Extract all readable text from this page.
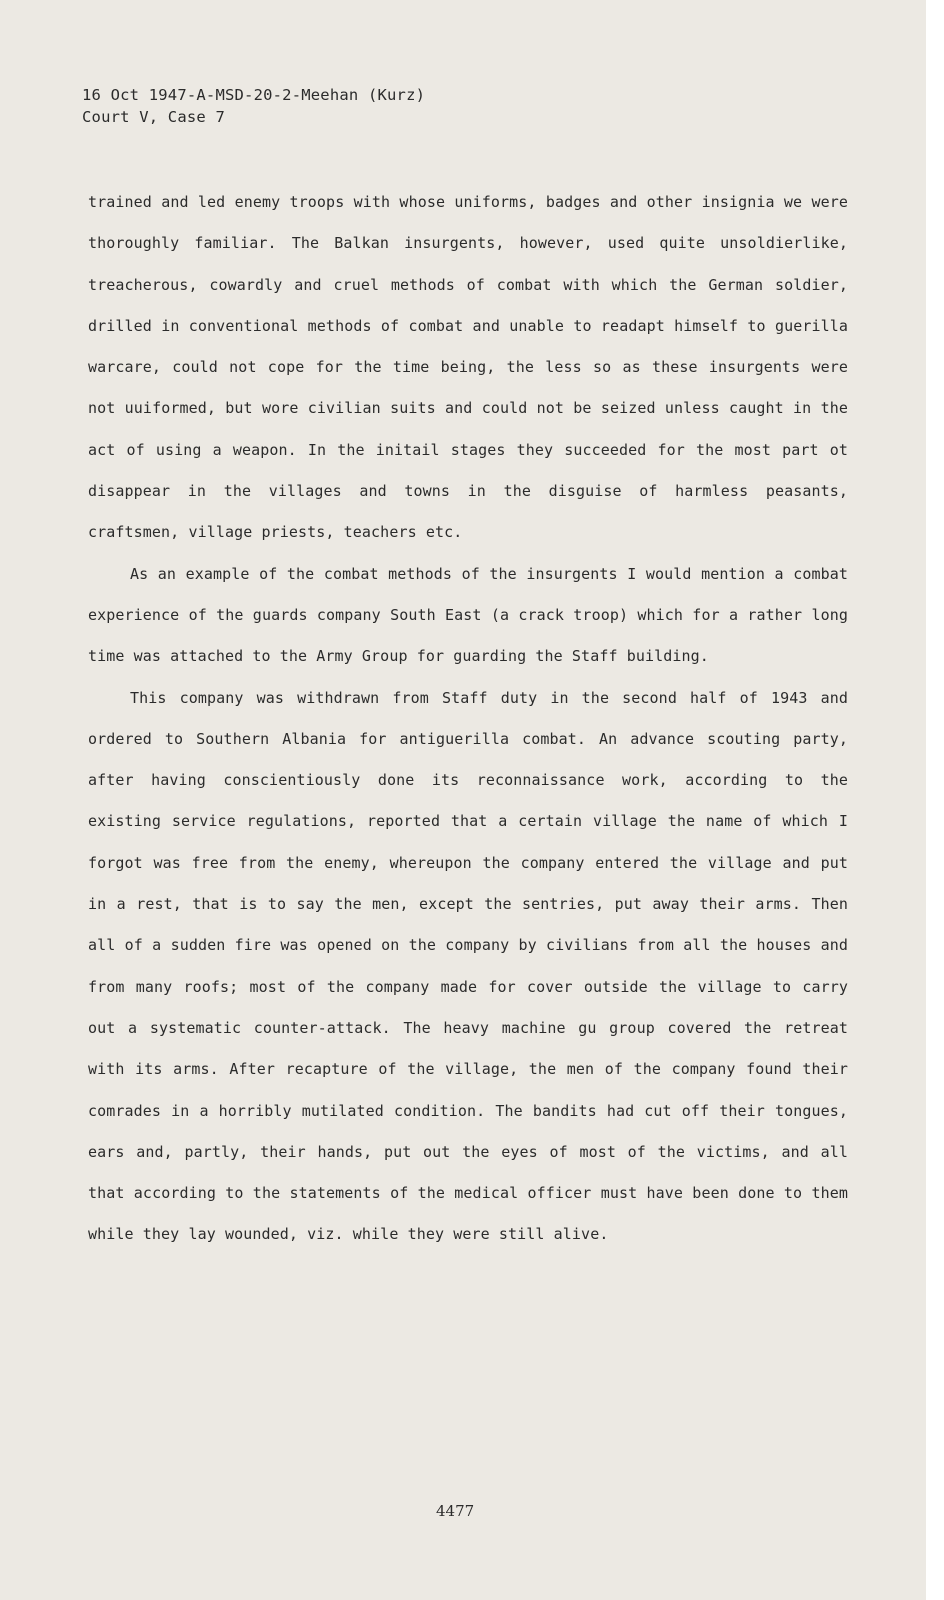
16 Oct 1947-A-MSD-20-2-Meehan (Kurz)
Court V, Case 7

trained and led enemy troops with whose uniforms, badges and other insignia we were thoroughly familiar. The Balkan insurgents, however, used quite unsoldierlike, treacherous, cowardly and cruel methods of combat with which the German soldier, drilled in conventional methods of combat and unable to readapt himself to guerilla warcare, could not cope for the time being, the less so as these insurgents were not uuiformed, but wore civilian suits and could not be seized unless caught in the act of using a weapon. In the initail stages they succeeded for the most part ot disappear in the villages and towns in the disguise of harmless peasants, craftsmen, village priests, teachers etc.

As an example of the combat methods of the insurgents I would mention a combat experience of the guards company South East (a crack troop) which for a rather long time was attached to the Army Group for guarding the Staff building.

This company was withdrawn from Staff duty in the second half of 1943 and ordered to Southern Albania for antiguerilla combat. An advance scouting party, after having conscientiously done its reconnaissance work, according to the existing service regulations, reported that a certain village the name of which I forgot was free from the enemy, whereupon the company entered the village and put in a rest, that is to say the men, except the sentries, put away their arms. Then all of a sudden fire was opened on the company by civilians from all the houses and from many roofs; most of the company made for cover outside the village to carry out a systematic counter-attack. The heavy machine gu group covered the retreat with its arms. After recapture of the village, the men of the company found their comrades in a horribly mutilated condition. The bandits had cut off their tongues, ears and, partly, their hands, put out the eyes of most of the victims, and all that according to the statements of the medical officer must have been done to them while they lay wounded, viz. while they were still alive.

4477
